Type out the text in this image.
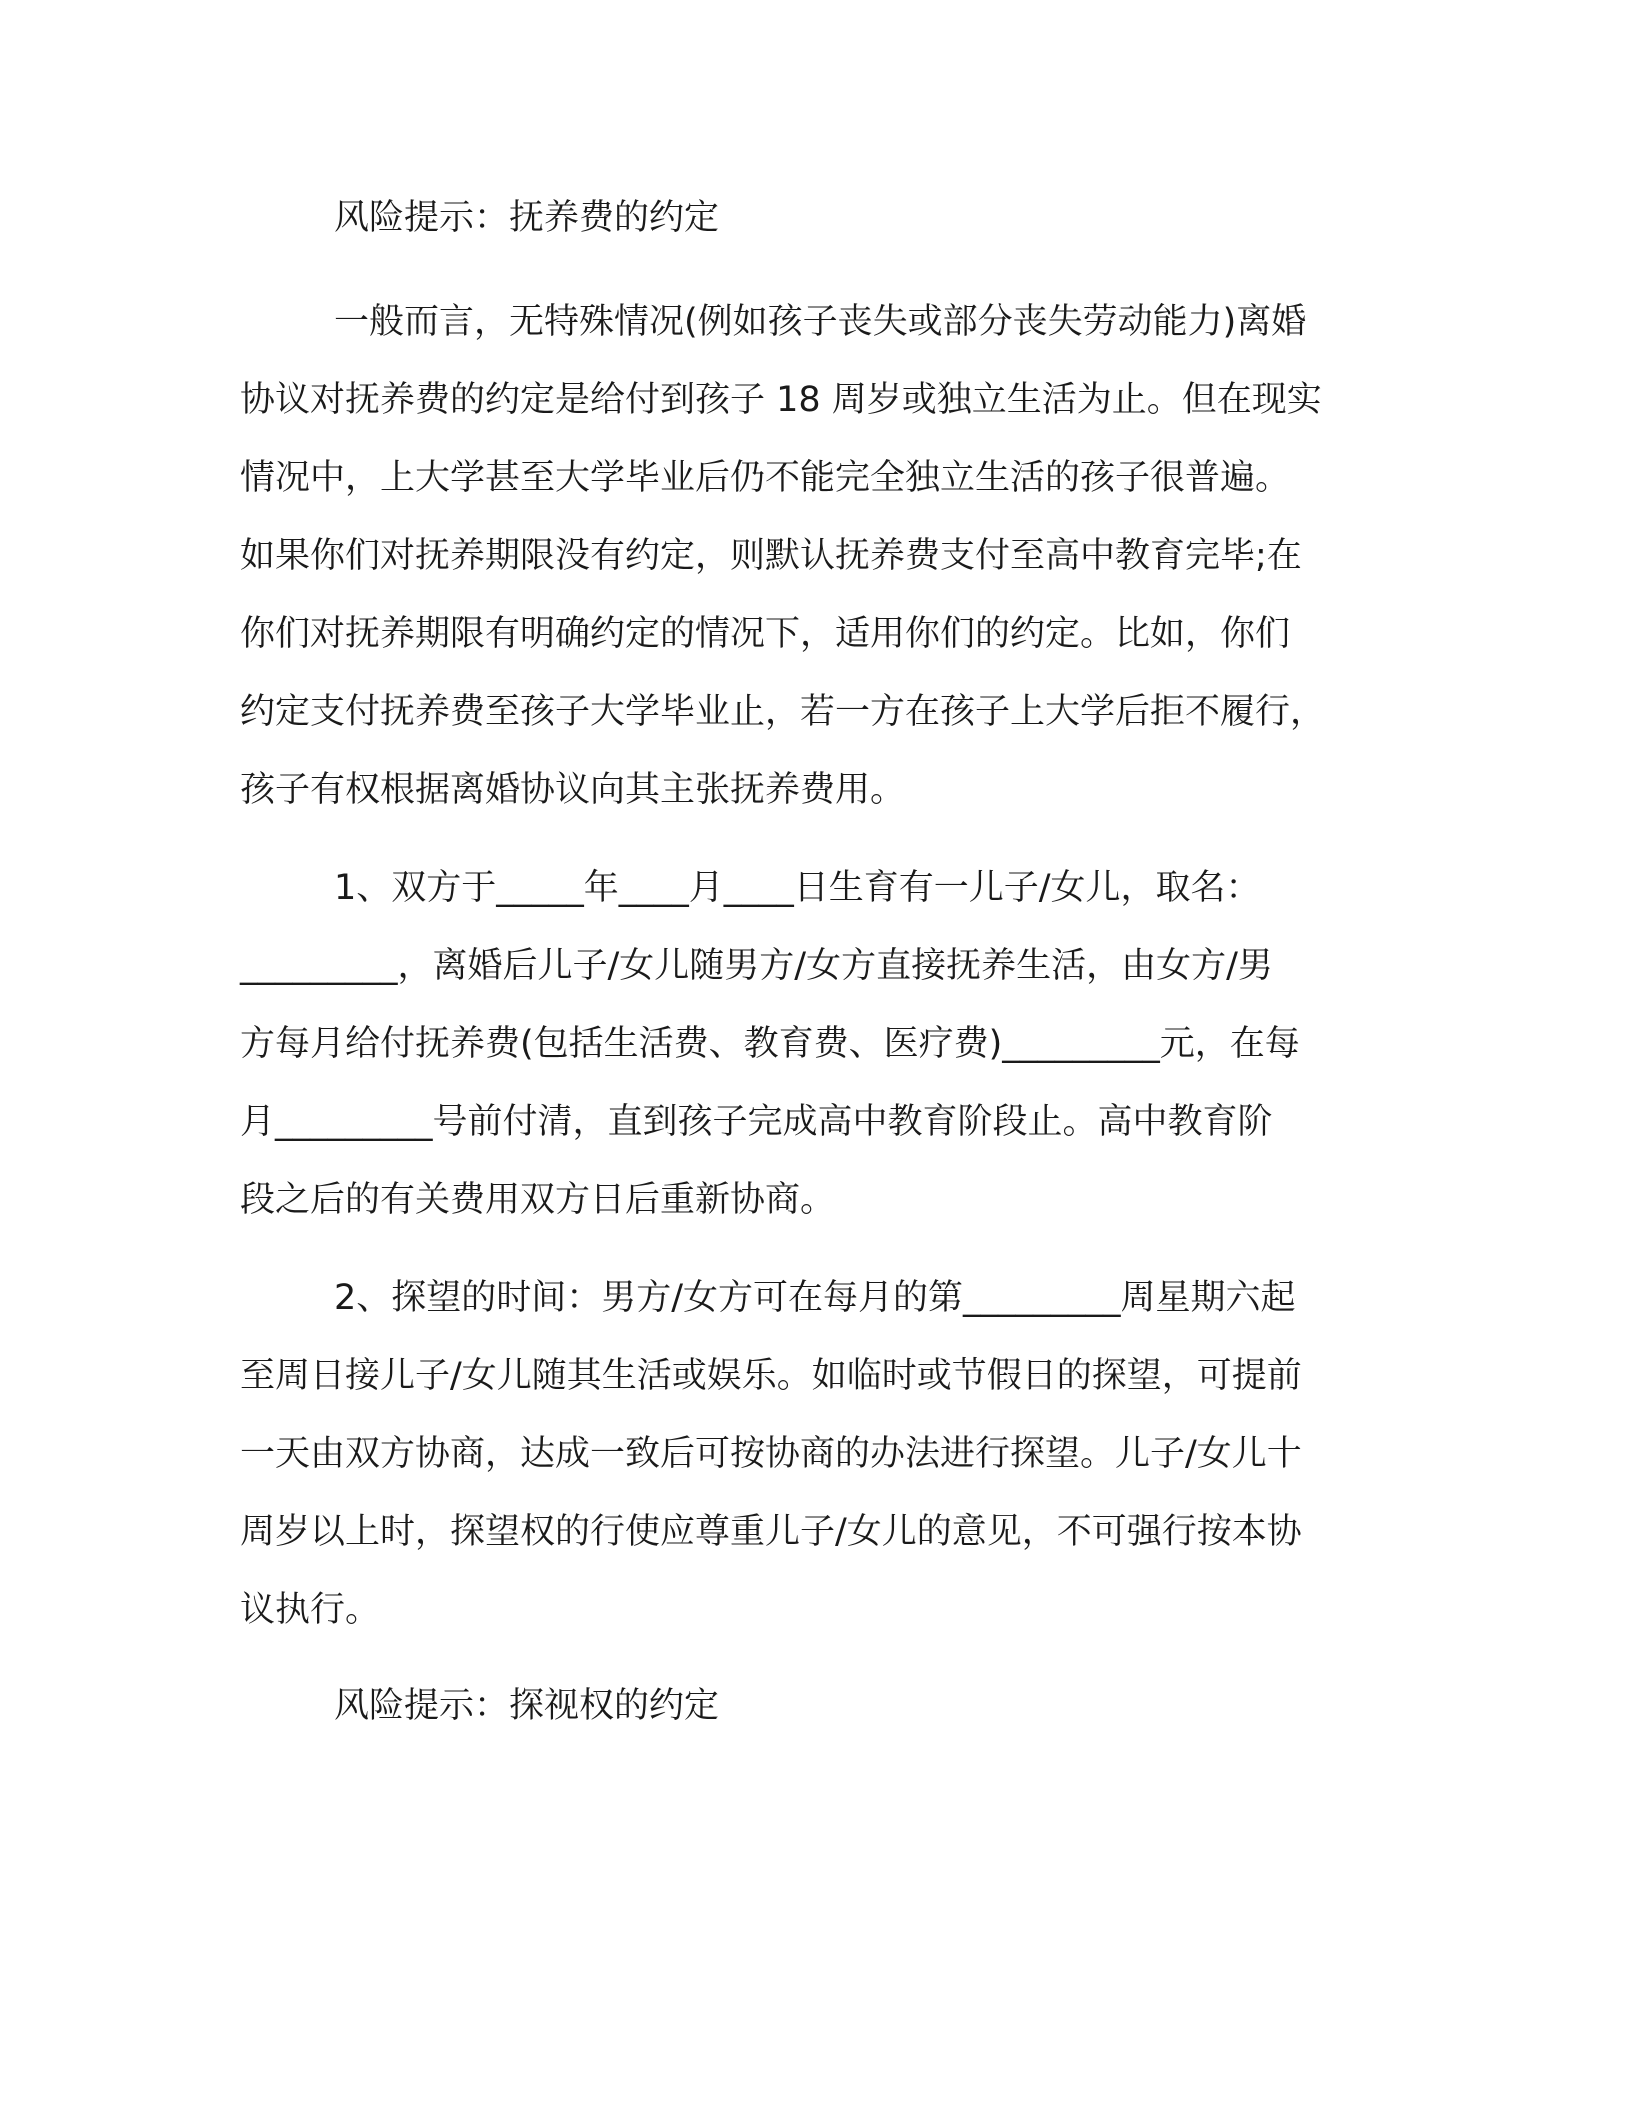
风险提示：抚养费的约定

一般而言，无特殊情况(例如孩子丧失或部分丧失劳动能力)离婚
协议对抚养费的约定是给付到孩子 18 周岁或独立生活为止。但在现实
情况中，上大学甚至大学毕业后仍不能完全独立生活的孩子很普遍。
如果你们对抚养期限没有约定，则默认抚养费支付至高中教育完毕;在
你们对抚养期限有明确约定的情况下，适用你们的约定。比如，你们
约定支付抚养费至孩子大学毕业止，若一方在孩子上大学后拒不履行，
孩子有权根据离婚协议向其主张抚养费用。

1、双方于_____年____月____日生育有一儿子/女儿，取名：
_________，离婚后儿子/女儿随男方/女方直接抚养生活，由女方/男
方每月给付抚养费(包括生活费、教育费、医疗费)_________元，在每
月_________号前付清，直到孩子完成高中教育阶段止。高中教育阶
段之后的有关费用双方日后重新协商。

2、探望的时间：男方/女方可在每月的第_________周星期六起
至周日接儿子/女儿随其生活或娱乐。如临时或节假日的探望，可提前
一天由双方协商，达成一致后可按协商的办法进行探望。儿子/女儿十
周岁以上时，探望权的行使应尊重儿子/女儿的意见，不可强行按本协
议执行。

风险提示：探视权的约定
